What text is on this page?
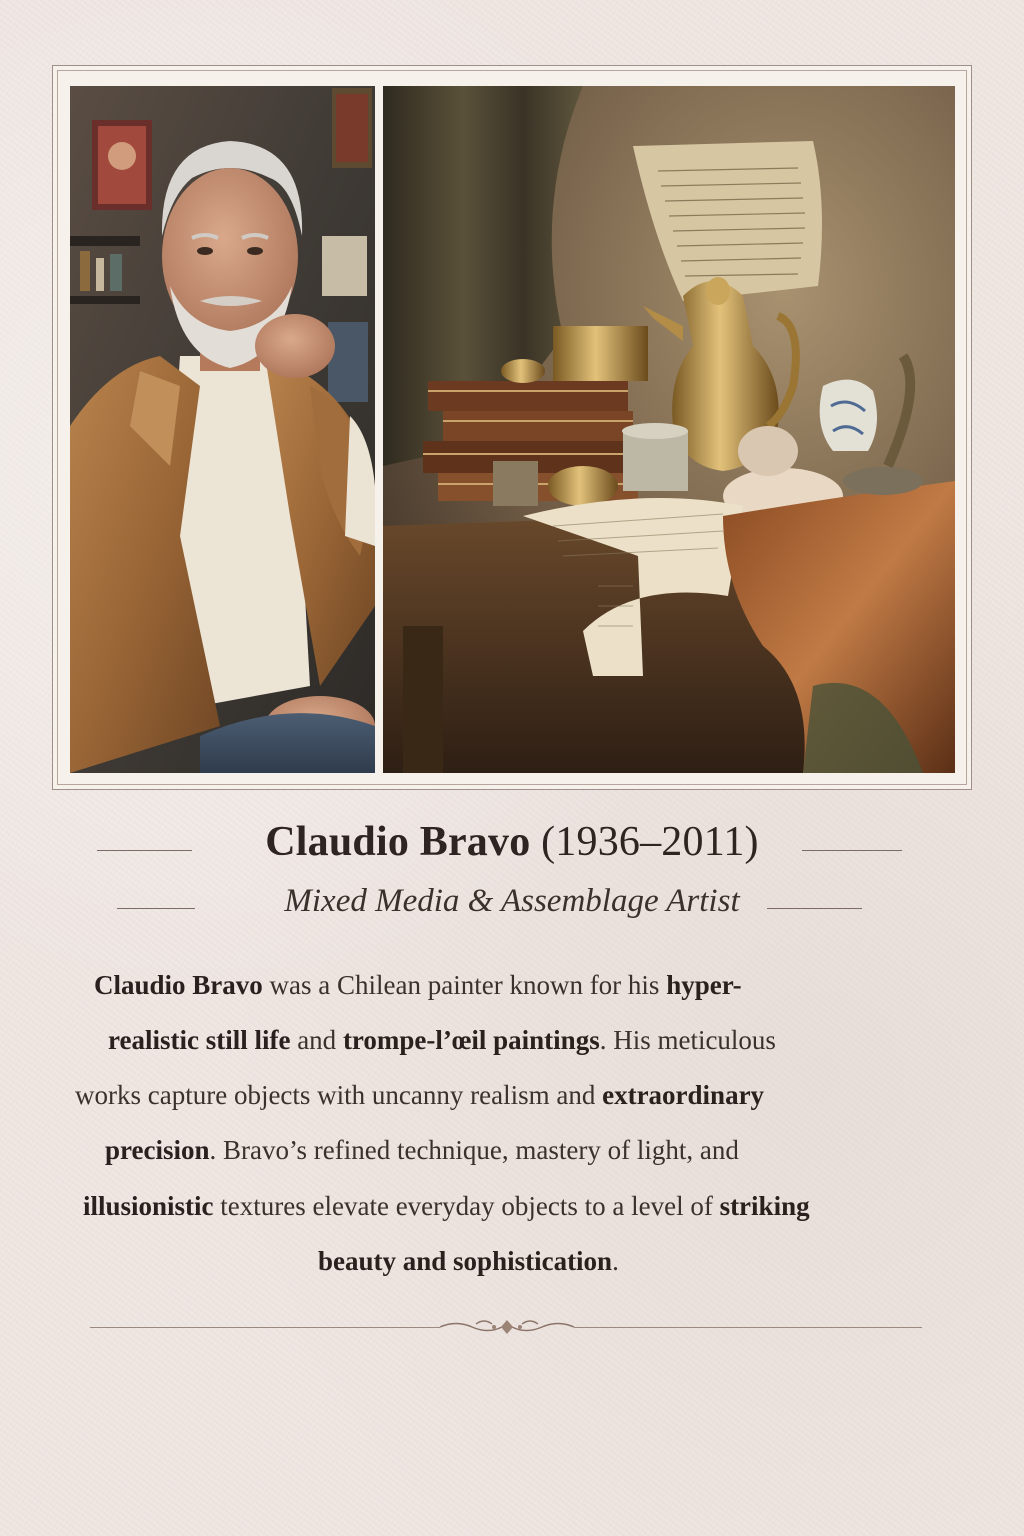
Claudio Bravo (1936–2011)
Mixed Media & Assemblage Artist
Claudio Bravo was a Chilean painter known for his hyper-
realistic still life and trompe-l’œil paintings. His meticulous
works capture objects with uncanny realism and extraordinary
precision. Bravo’s refined technique, mastery of light, and
illusionistic textures elevate everyday objects to a level of striking
beauty and sophistication.
